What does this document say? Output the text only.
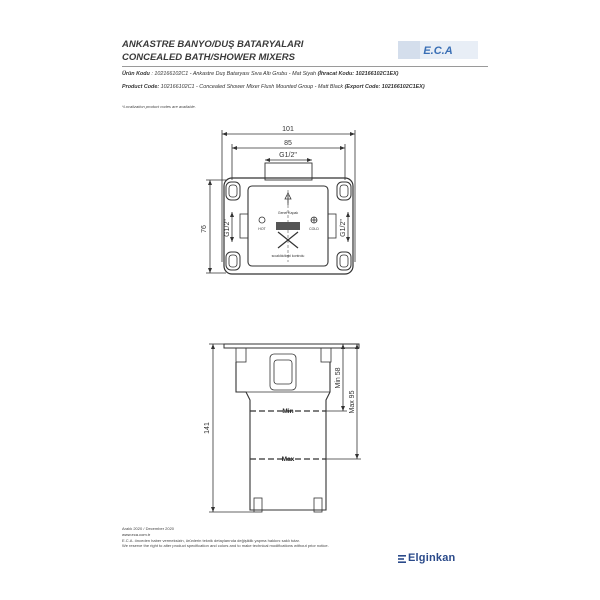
ANKASTRE BANYO/DUŞ BATARYALARI
CONCEALED BATH/SHOWER MIXERS
E.C.A
Ürün Kodu : 102166102C1 - Ankastre Duş Bataryası Sıva Altı Grubu - Mat Siyah (İhracat Kodu: 102166102C1EX)
Product Code: 102166102C1 - Concealed Shower Mixer Flush Mounted Group - Matt Black (Export Code: 102166102C1EX)
*Localization product codes are available.
101
85
G1/2"
76 G1/2"	G1/2"
Genel Kapak
HOT	COLD
sıcaklık/debi kontrolu
141
Min 58
Max 95
Min
Max
Aralık 2020 / December 2020
www.eca.com.tr
E.C.A. önceden haber vermeksizin, ürünlerin teknik detaylarında değişiklik yapma hakkını saklı tutar.
We reserve the right to alter product specification and colors and to make technical modifications without prior notice.
Elginkan
